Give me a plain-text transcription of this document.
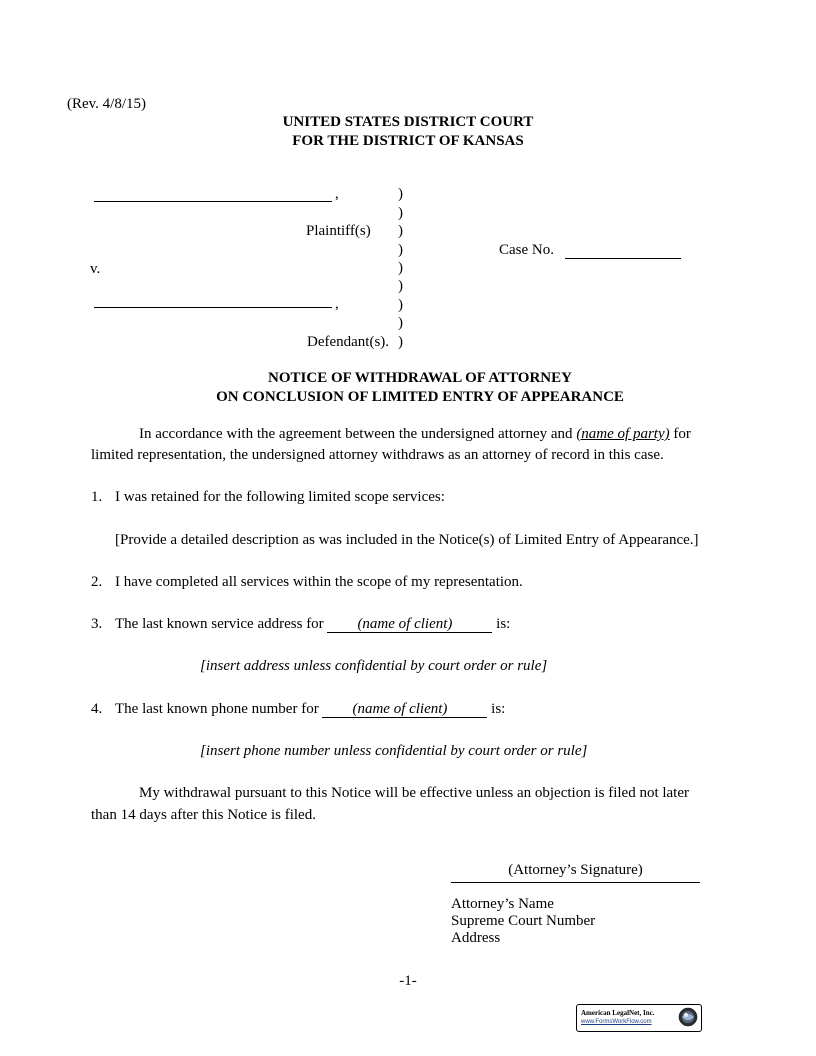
(Rev. 4/8/15)
UNITED STATES DISTRICT COURT
FOR THE DISTRICT OF KANSAS
,
Plaintiff(s)
v.
,
Defendant(s).
)
)
)
)
)
)
)
)
)
Case No.
NOTICE OF WITHDRAWAL OF ATTORNEY
ON CONCLUSION OF LIMITED ENTRY OF APPEARANCE
In accordance with the agreement between the undersigned attorney and (name of party) for
limited representation, the undersigned attorney withdraws as an attorney of record in this case.
1. I was retained for the following limited scope services:
[Provide a detailed description as was included in the Notice(s) of Limited Entry of Appearance.]
2. I have completed all services within the scope of my representation.
3. The last known service address for (name of client)	is:
[insert address unless confidential by court order or rule]
4. The last known phone number for (name of client)	is:
[insert phone number unless confidential by court order or rule]
My withdrawal pursuant to this Notice will be effective unless an objection is filed not later
than 14 days after this Notice is filed.
(Attorney’s Signature)
Attorney’s Name
Supreme Court Number
Address
-1-
American LegalNet, Inc.
www.FormsWorkFlow.com
